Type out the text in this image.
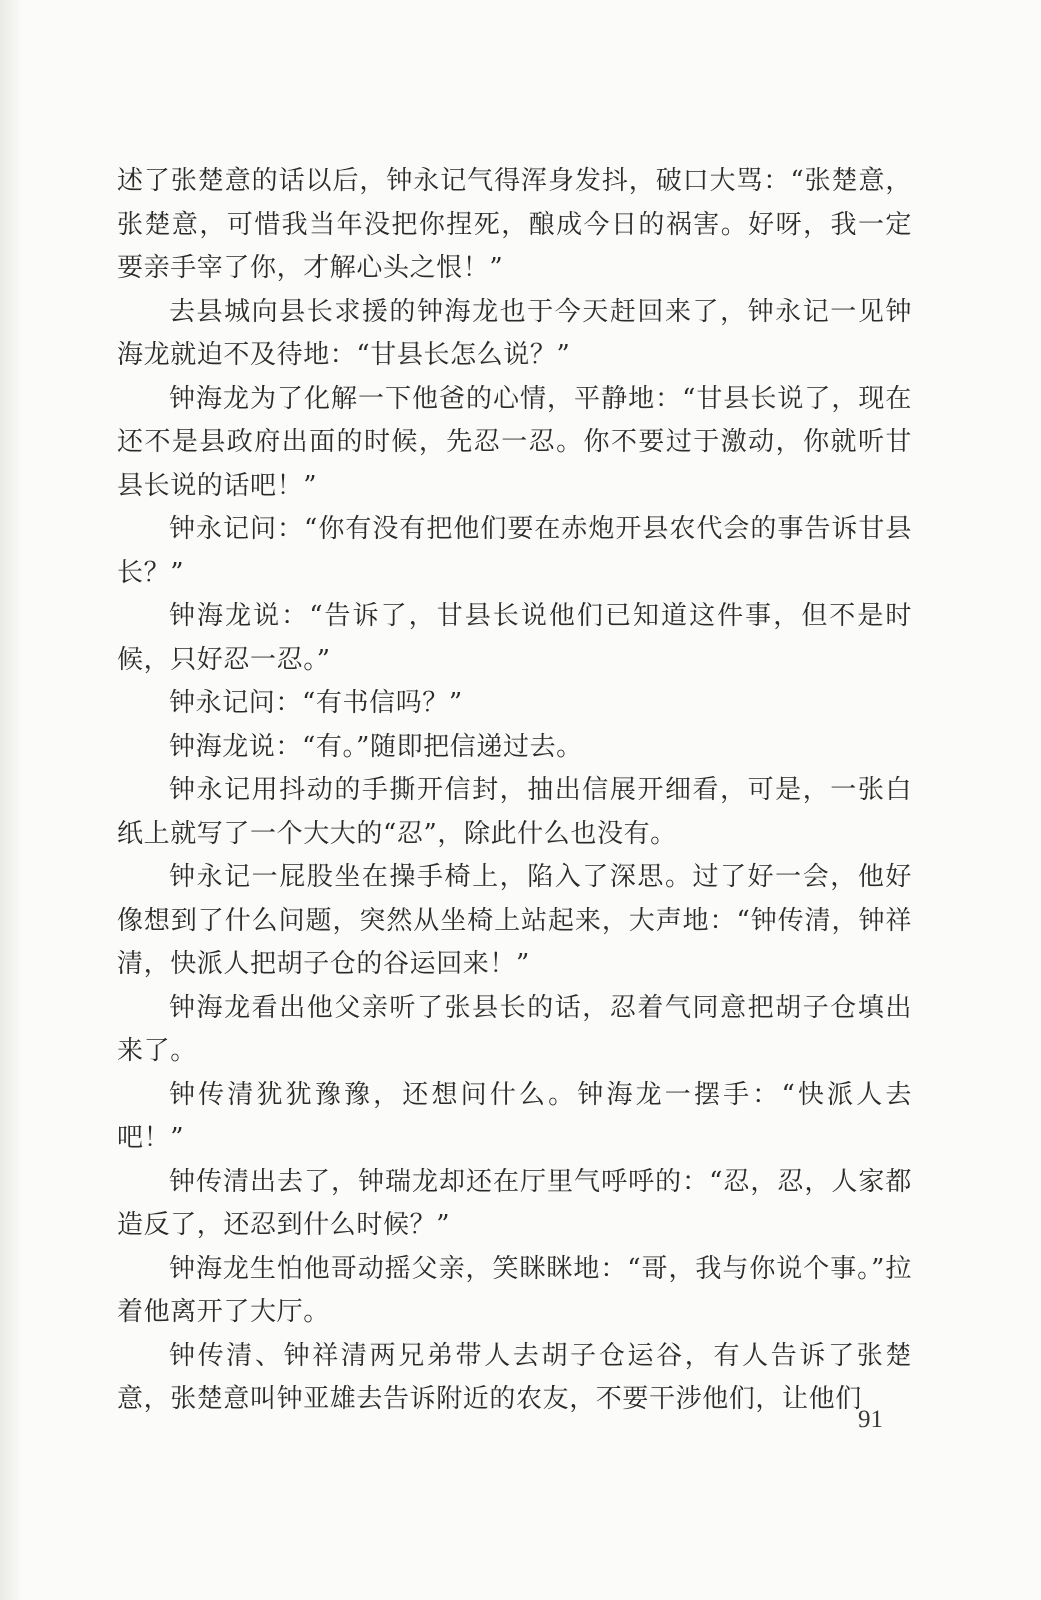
述了张楚意的话以后，钟永记气得浑身发抖，破口大骂：“张楚意，张楚意，可惜我当年没把你捏死，酿成今日的祸害。好呀，我一定要亲手宰了你，才解心头之恨！”

去县城向县长求援的钟海龙也于今天赶回来了，钟永记一见钟海龙就迫不及待地：“甘县长怎么说？”

钟海龙为了化解一下他爸的心情，平静地：“甘县长说了，现在还不是县政府出面的时候，先忍一忍。你不要过于激动，你就听甘县长说的话吧！”

钟永记问：“你有没有把他们要在赤炮开县农代会的事告诉甘县长？”

钟海龙说：“告诉了，甘县长说他们已知道这件事，但不是时候，只好忍一忍。”

钟永记问：“有书信吗？”

钟海龙说：“有。”随即把信递过去。

钟永记用抖动的手撕开信封，抽出信展开细看，可是，一张白纸上就写了一个大大的“忍”，除此什么也没有。

钟永记一屁股坐在操手椅上，陷入了深思。过了好一会，他好像想到了什么问题，突然从坐椅上站起来，大声地：“钟传清，钟祥清，快派人把胡子仓的谷运回来！”

钟海龙看出他父亲听了张县长的话，忍着气同意把胡子仓填出来了。

钟传清犹犹豫豫，还想问什么。钟海龙一摆手：“快派人去吧！”

钟传清出去了，钟瑞龙却还在厅里气呼呼的：“忍，忍，人家都造反了，还忍到什么时候？”

钟海龙生怕他哥动摇父亲，笑眯眯地：“哥，我与你说个事。”拉着他离开了大厅。

钟传清、钟祥清两兄弟带人去胡子仓运谷，有人告诉了张楚意，张楚意叫钟亚雄去告诉附近的农友，不要干涉他们，让他们

91
